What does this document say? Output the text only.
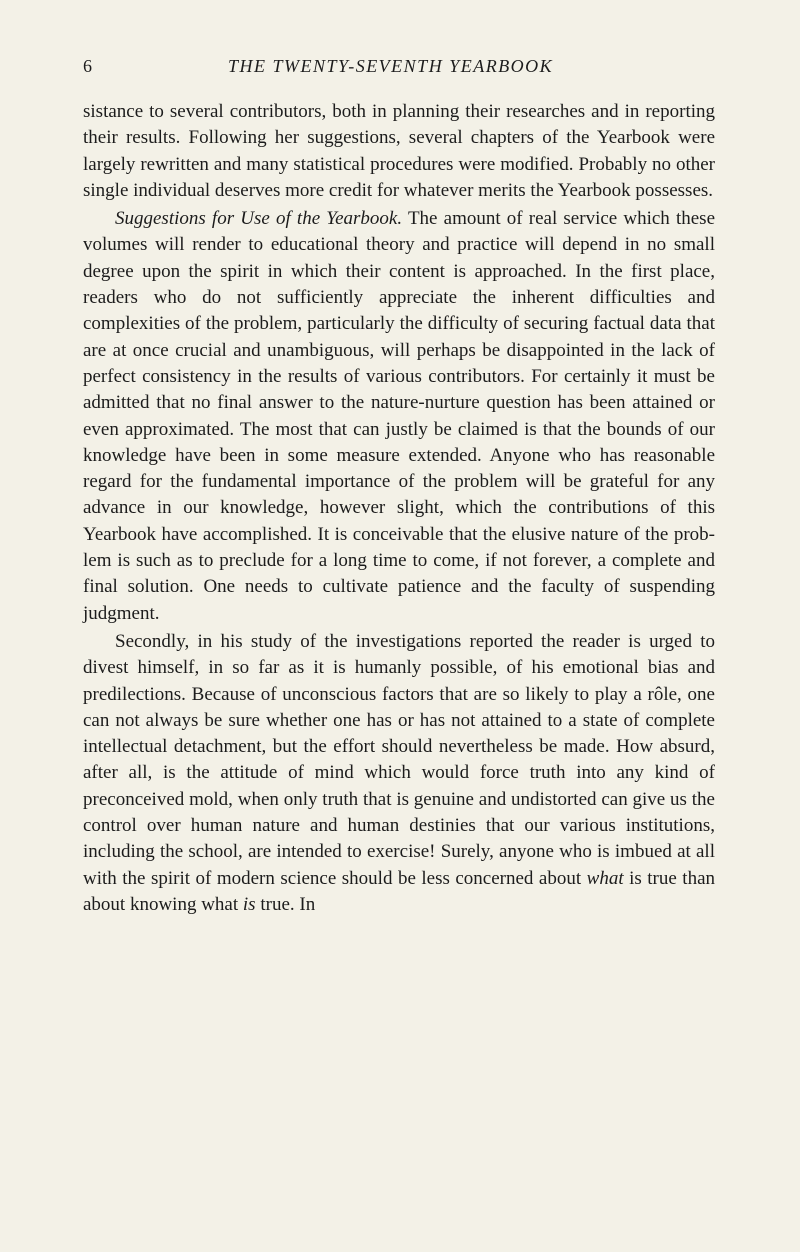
6	THE TWENTY-SEVENTH YEARBOOK

sistance to several contributors, both in planning their researches and in reporting their results. Following her suggestions, several chapters of the Yearbook were largely rewritten and many statistical procedures were modified. Probably no other single individual deserves more credit for whatever merits the Yearbook possesses.

Suggestions for Use of the Yearbook. The amount of real service which these volumes will render to educational theory and practice will depend in no small degree upon the spirit in which their content is approached. In the first place, readers who do not sufficiently appreciate the inherent difficulties and complexities of the problem, particularly the difficulty of securing factual data that are at once crucial and unambiguous, will perhaps be disappointed in the lack of perfect consistency in the results of various contributors. For certainly it must be admitted that no final answer to the nature-nurture question has been attained or even approximated. The most that can justly be claimed is that the bounds of our knowledge have been in some measure extended. Anyone who has reasonable regard for the fundamental importance of the problem will be grateful for any advance in our knowledge, however slight, which the contributions of this Yearbook have accomplished. It is conceivable that the elusive nature of the problem is such as to preclude for a long time to come, if not forever, a complete and final solution. One needs to cultivate patience and the faculty of suspending judgment.

Secondly, in his study of the investigations reported the reader is urged to divest himself, in so far as it is humanly possible, of his emotional bias and predilections. Because of unconscious factors that are so likely to play a rôle, one can not always be sure whether one has or has not attained to a state of complete intellectual detachment, but the effort should nevertheless be made. How absurd, after all, is the attitude of mind which would force truth into any kind of preconceived mold, when only truth that is genuine and undistorted can give us the control over human nature and human destinies that our various institutions, including the school, are intended to exercise! Surely, anyone who is imbued at all with the spirit of modern science should be less concerned about what is true than about knowing what is true. In
